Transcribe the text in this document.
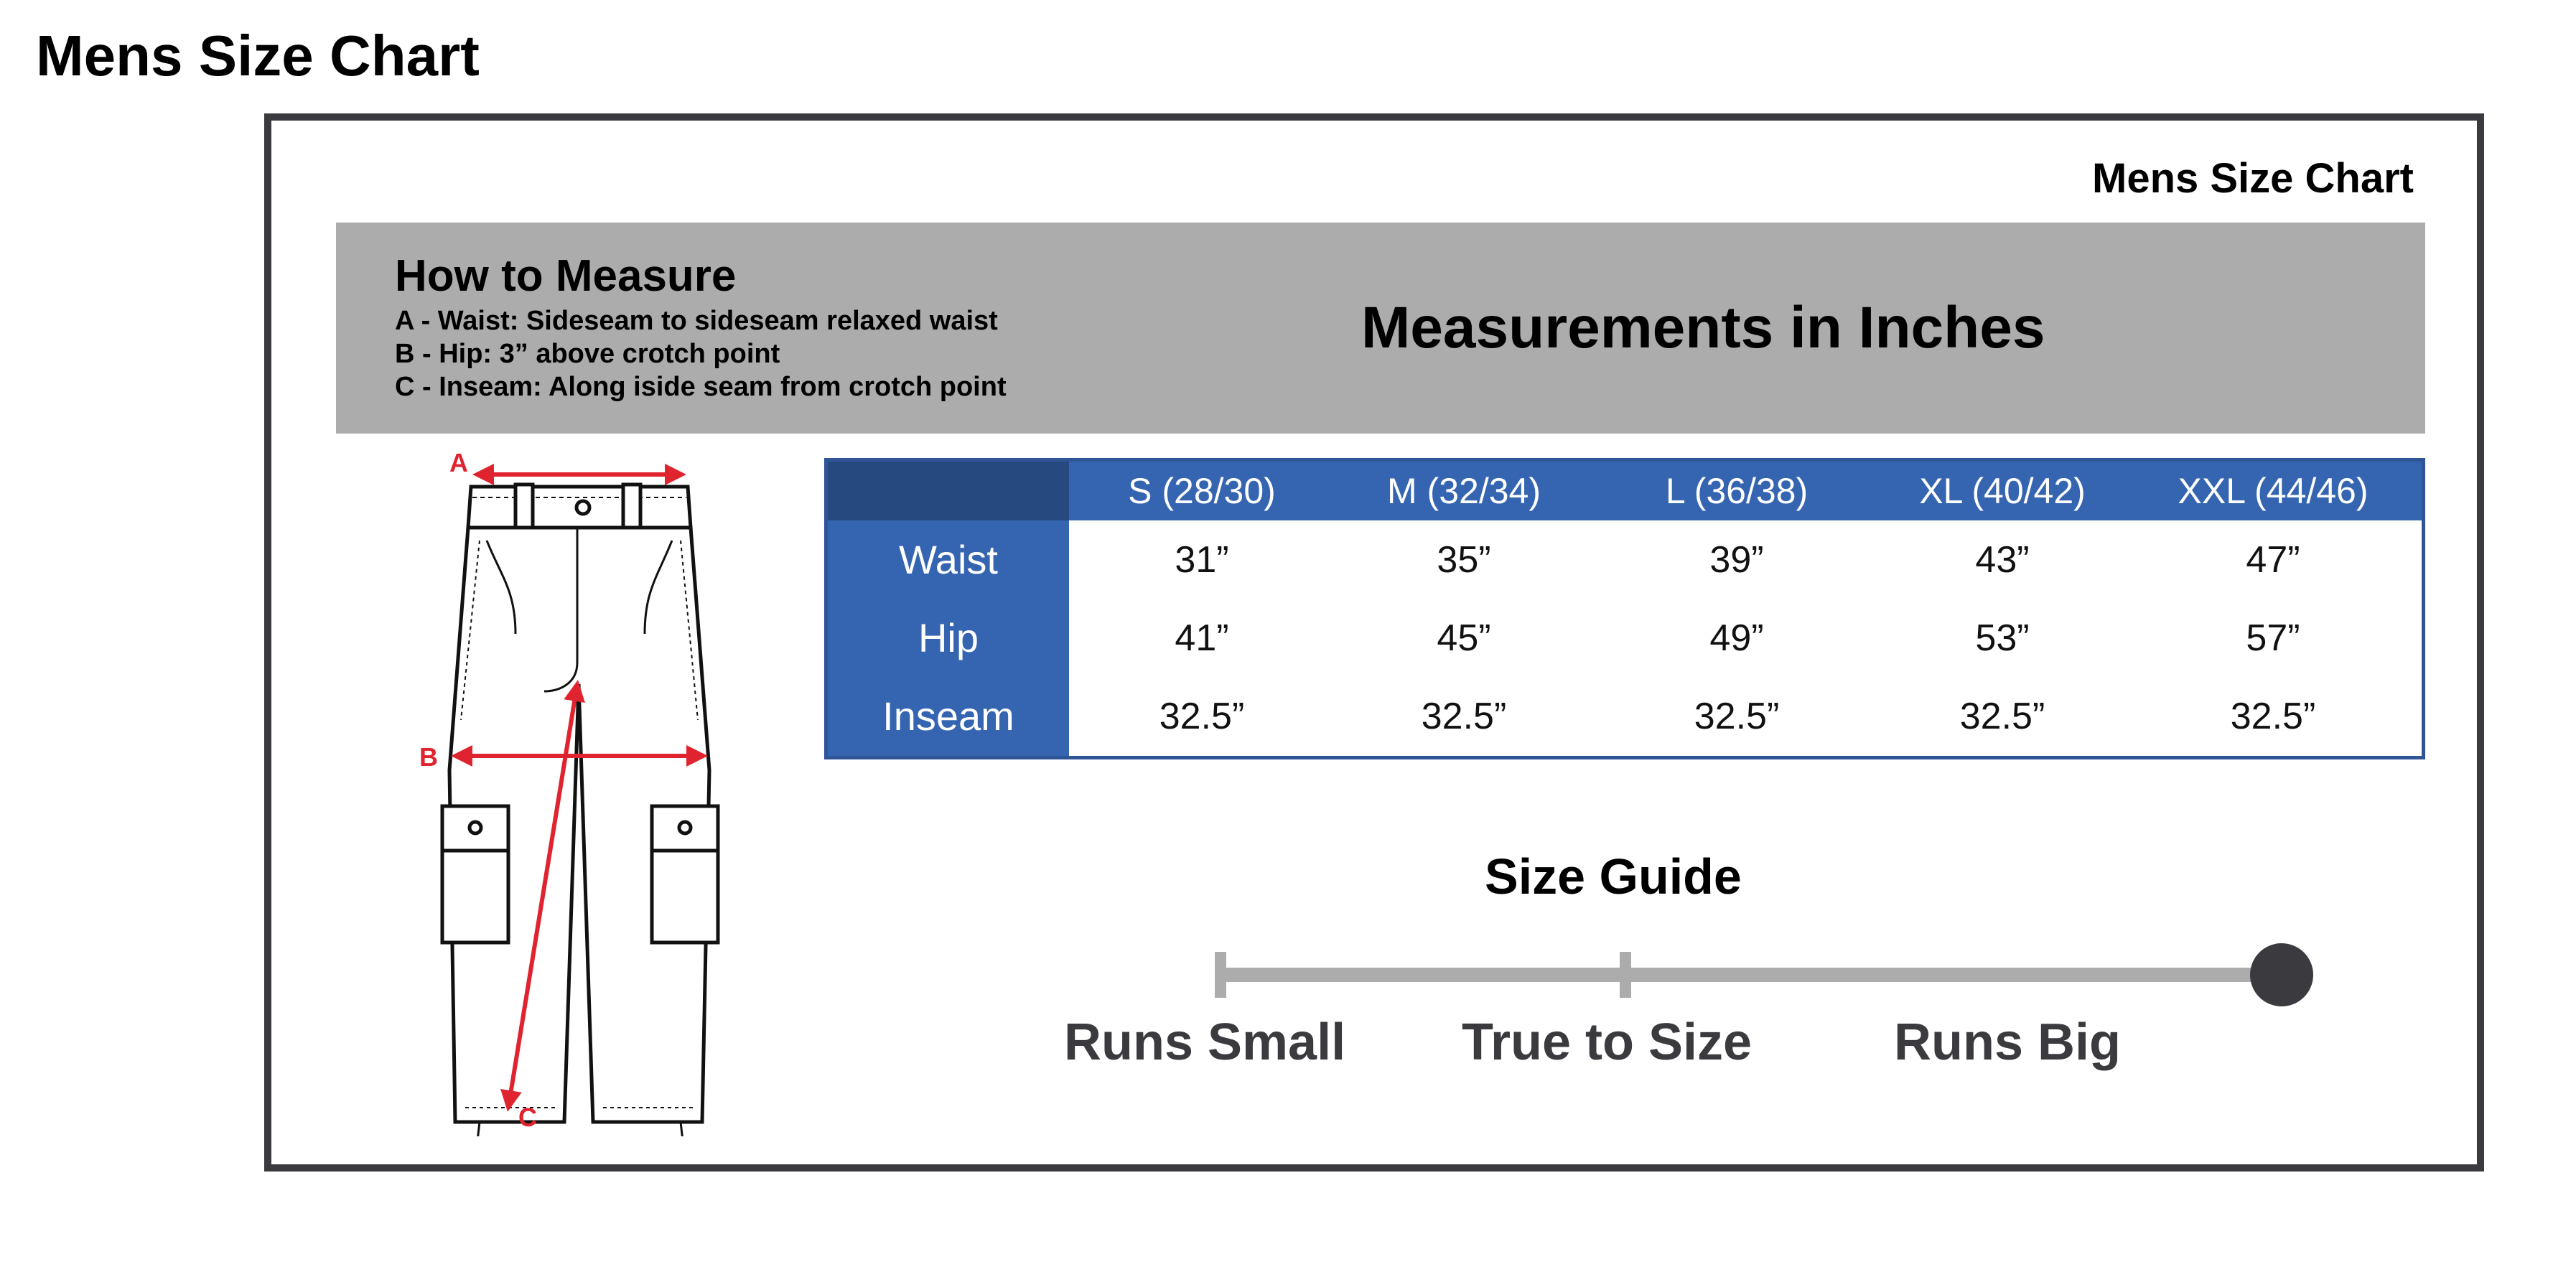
Mens Size Chart
Mens Size Chart
How to Measure
A - Waist: Sideseam to sideseam relaxed waist
B - Hip: 3” above crotch point
C - Inseam: Along iside seam from crotch point
Measurements in Inches
A
B
C
S (28/30)	M (32/34)	L (36/38)	XL (40/42)	XXL (44/46)
Waist	31”	35”	39”	43”	47”
Hip	41”	45”	49”	53”	57”
Inseam	32.5”	32.5”	32.5”	32.5”	32.5”
Size Guide
Runs Small True to Size	Runs Big
